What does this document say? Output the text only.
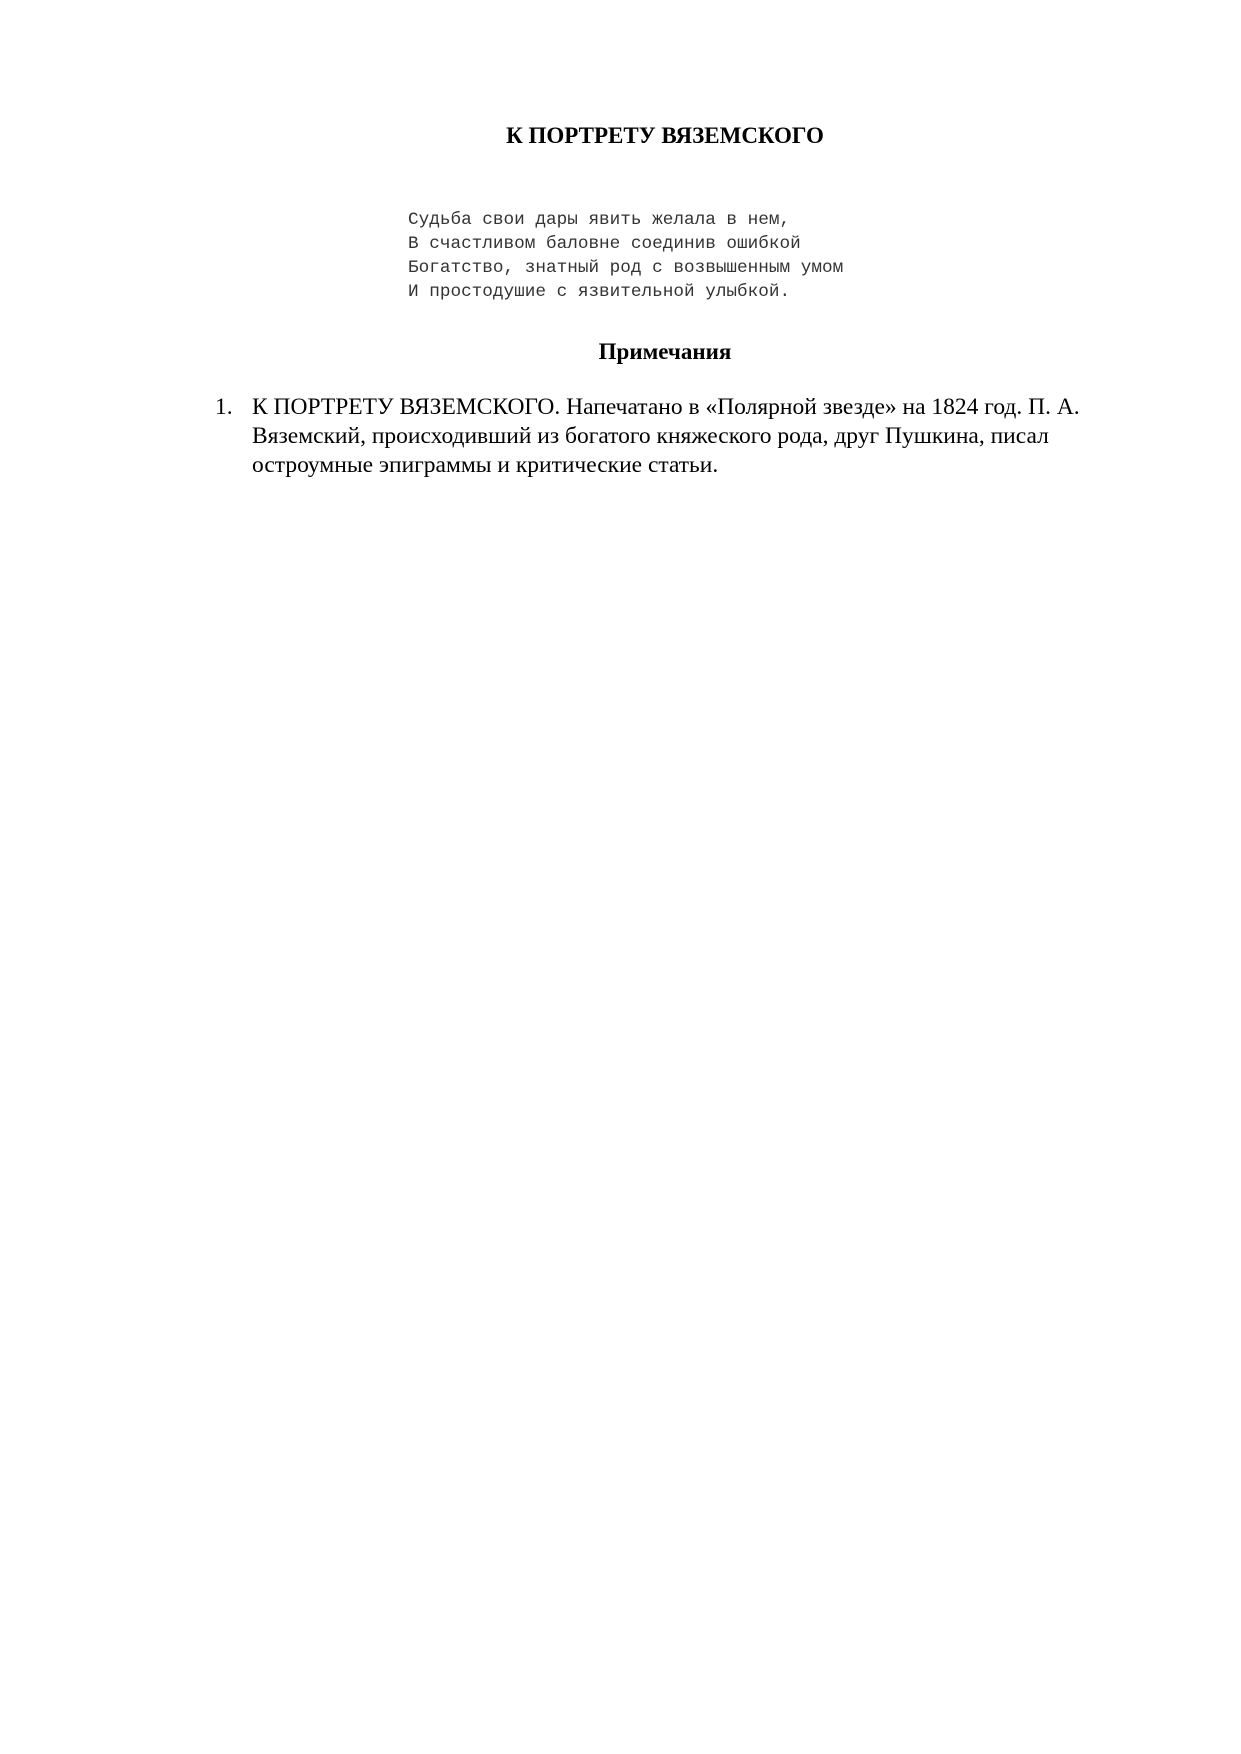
К ПОРТРЕТУ ВЯЗЕМСКОГО
Судьба свои дары явить желала в нем,
В счастливом баловне соединив ошибкой
Богатство, знатный род с возвышенным умом
И простодушие с язвительной улыбкой.
Примечания
1. К ПОРТРЕТУ ВЯЗЕМСКОГО. Напечатано в «Полярной звезде» на 1824 год. П. А. Вяземский, происходивший из богатого княжеского рода, друг Пушкина, писал остроумные эпиграммы и критические статьи.
